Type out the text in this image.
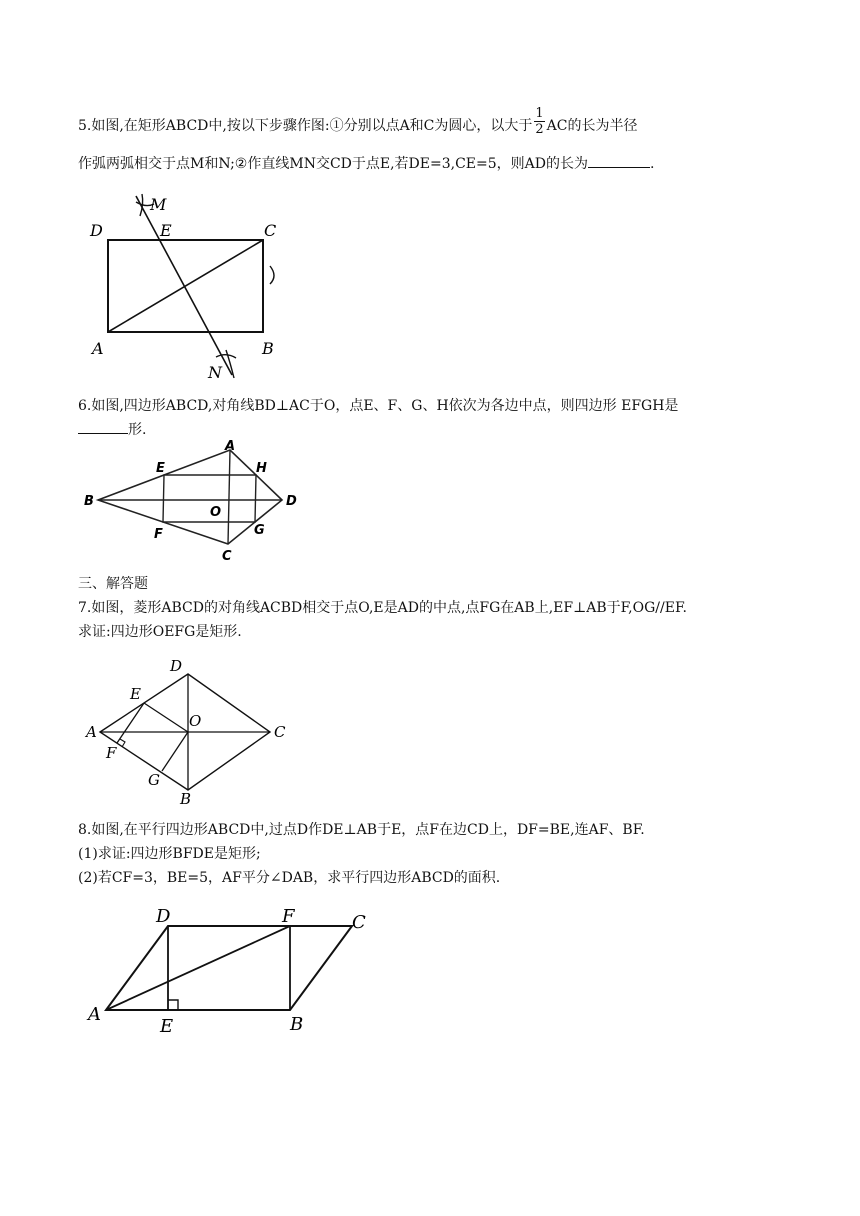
5.如图,在矩形ABCD中,按以下步骤作图:①分别以点A和C为圆心，以大于 $\frac{1}{2}$ AC的长为半径
作弧两弧相交于点M和N;②作直线MN交CD于点E,若DE=3,CE=5，则AD的长为	.
D	E	C
M
A	B
N
6.如图,四边形ABCD,对角线BD⊥AC于O，点E、F、G、H依次为各边中点，则四边形 EFGH是
形.
A
B
C
D
E
F	G
H
O
三、解答题
7.如图，菱形ABCD的对角线ACBD相交于点O,E是AD的中点,点FG在AB上,EF⊥AB于F,OG//EF.
求证:四边形OEFG是矩形.
D
E
O
C
A
F
G
B
8.如图,在平行四边形ABCD中,过点D作DE⊥AB于E，点F在边CD上，DF=BE,连AF、BF.
(1)求证:四边形BFDE是矩形;
(2)若CF=3，BE=5，AF平分∠DAB，求平行四边形ABCD的面积.
D	F	C
A
E	B
